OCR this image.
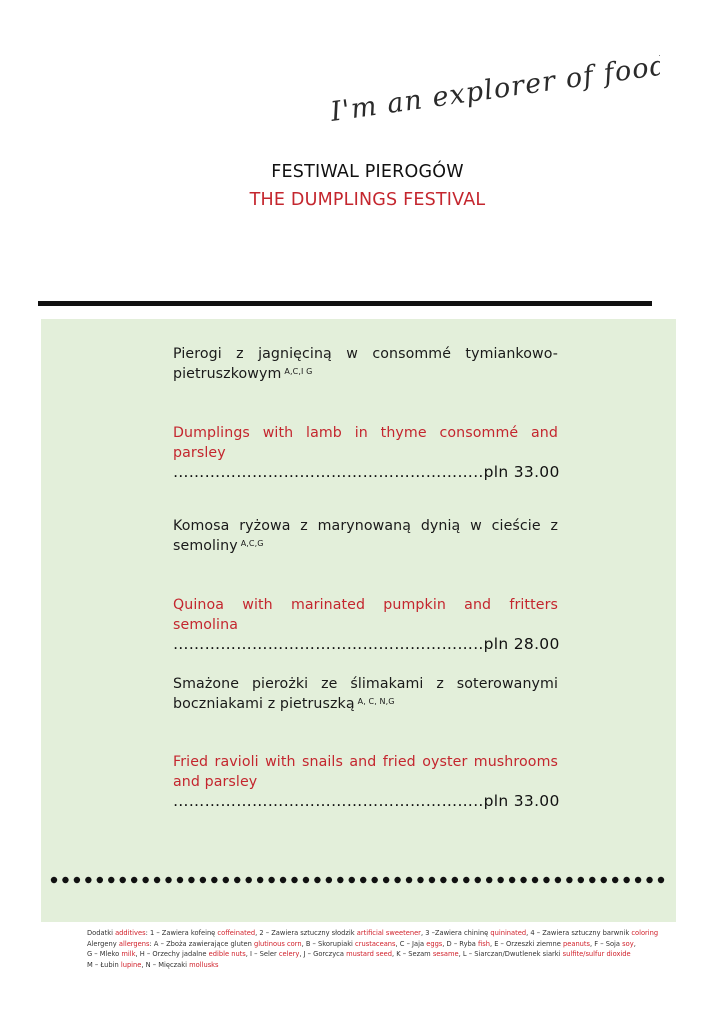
I'm an explorer of food
FESTIWAL PIEROGÓW
THE DUMPLINGS FESTIVAL
Pierogi z jagnięciną w consommé tymiankowo-pietruszkowym $^{A,C,I G}$
Dumplings with lamb in thyme consommé and parsley
…………………………………………………..pln 33.00
Komosa ryżowa z marynowaną dynią w cieście z semoliny $^{A,C,G}$
Quinoa with marinated pumpkin and fritters semolina
…………………………………………………..pln 28.00
Smażone pierożki ze ślimakami z soterowanymi boczniakami z pietruszką $^{A, C, N,G}$
Fried ravioli with snails and fried oyster mushrooms and parsley
…………………………………………………..pln 33.00
Dodatki additives: 1 – Zawiera kofeinę coffeinated, 2 – Zawiera sztuczny słodzik artificial sweetener, 3 –Zawiera chininę quininated, 4 – Zawiera sztuczny barwnik coloring
Alergeny allergens: A – Zboża zawierające gluten glutinous corn, B – Skorupiaki crustaceans, C – Jaja eggs, D – Ryba fish, E – Orzeszki ziemne peanuts, F – Soja soy,
G – Mleko milk, H – Orzechy jadalne edible nuts, I – Seler celery, J – Gorczyca mustard seed, K – Sezam sesame, L – Siarczan/Dwutlenek siarki sulfite/sulfur dioxide
M – Łubin lupine, N – Mięczaki mollusks
